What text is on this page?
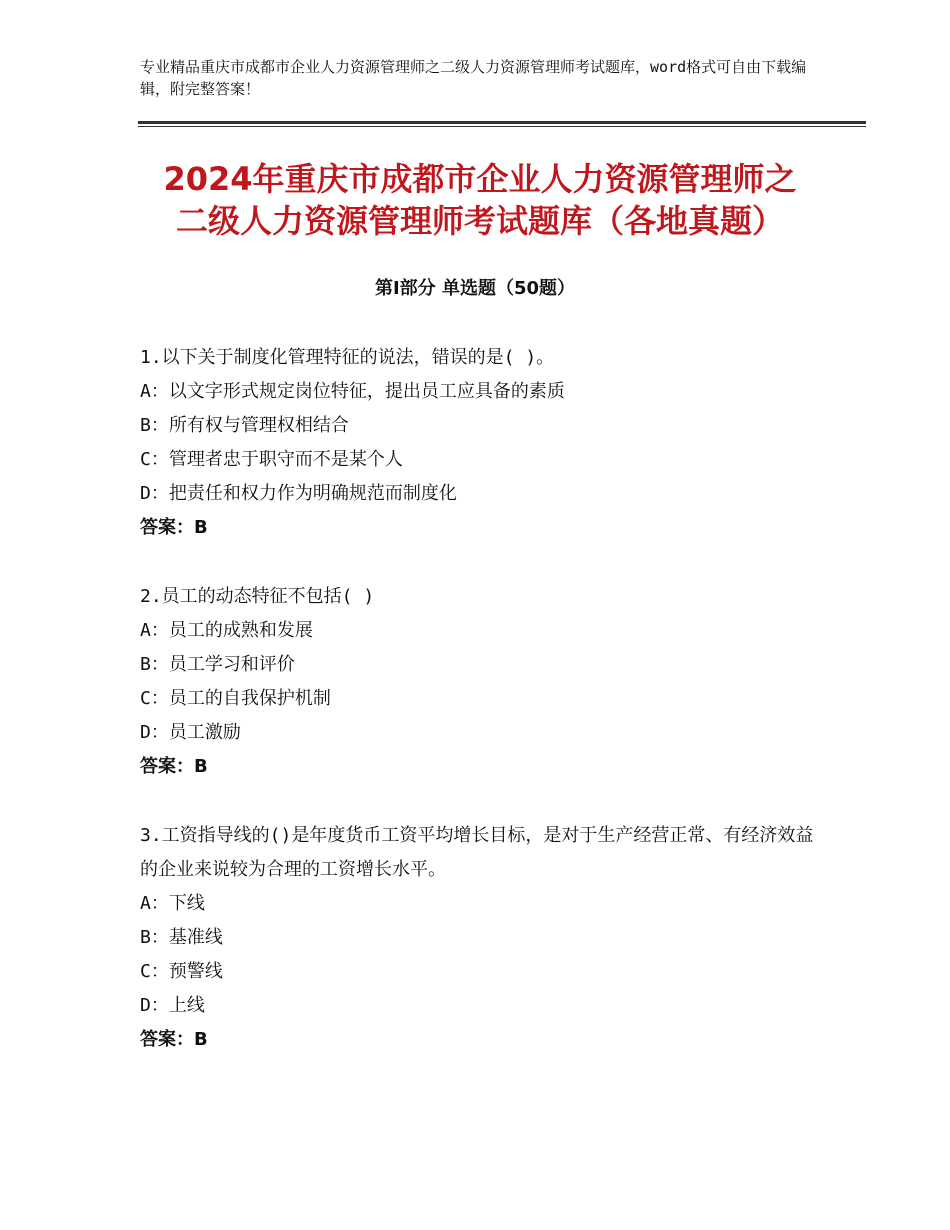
专业精品重庆市成都市企业人力资源管理师之二级人力资源管理师考试题库，word格式可自由下载编辑，附完整答案！
2024年重庆市成都市企业人力资源管理师之
二级人力资源管理师考试题库（各地真题）
第Ⅰ部分 单选题（50题）

1.以下关于制度化管理特征的说法，错误的是( )。

A：以文字形式规定岗位特征，提出员工应具备的素质

B：所有权与管理权相结合

C：管理者忠于职守而不是某个人

D：把责任和权力作为明确规范而制度化

答案：B

2.员工的动态特征不包括( )

A：员工的成熟和发展

B：员工学习和评价

C：员工的自我保护机制

D：员工激励

答案：B

3.工资指导线的()是年度货币工资平均增长目标，是对于生产经营正常、有经济效益的企业来说较为合理的工资增长水平。

A：下线

B：基准线

C：预警线

D：上线

答案：B
